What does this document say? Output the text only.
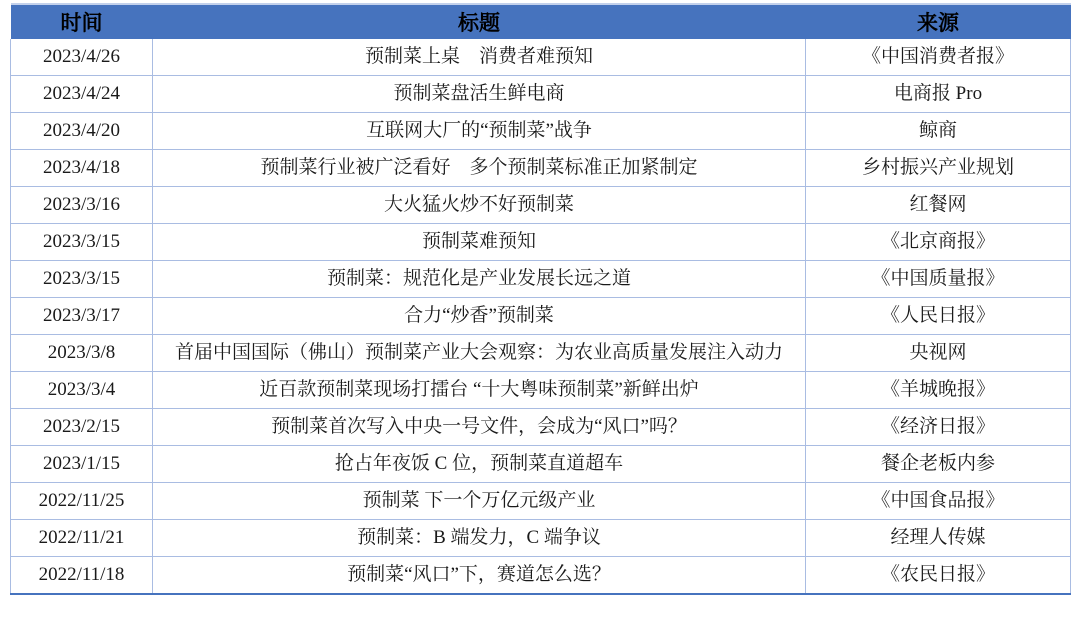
时间	标题	来源
2023/4/26	预制菜上桌　消费者难预知	《中国消费者报》
2023/4/24	预制菜盘活生鲜电商	电商报 Pro
2023/4/20	互联网大厂的“预制菜”战争	鲸商
2023/4/18	预制菜行业被广泛看好　多个预制菜标准正加紧制定	乡村振兴产业规划
2023/3/16	大火猛火炒不好预制菜	红餐网
2023/3/15	预制菜难预知	《北京商报》
2023/3/15	预制菜：规范化是产业发展长远之道	《中国质量报》
2023/3/17	合力“炒香”预制菜	《人民日报》
2023/3/8	首届中国国际（佛山）预制菜产业大会观察：为农业高质量发展注入动力	央视网
2023/3/4	近百款预制菜现场打擂台 “十大粤味预制菜”新鲜出炉	《羊城晚报》
2023/2/15	预制菜首次写入中央一号文件，会成为“风口”吗？	《经济日报》
2023/1/15	抢占年夜饭 C 位，预制菜直道超车	餐企老板内参
2022/11/25	预制菜 下一个万亿元级产业	《中国食品报》
2022/11/21	预制菜：B 端发力，C 端争议	经理人传媒
2022/11/18	预制菜“风口”下，赛道怎么选？	《农民日报》
